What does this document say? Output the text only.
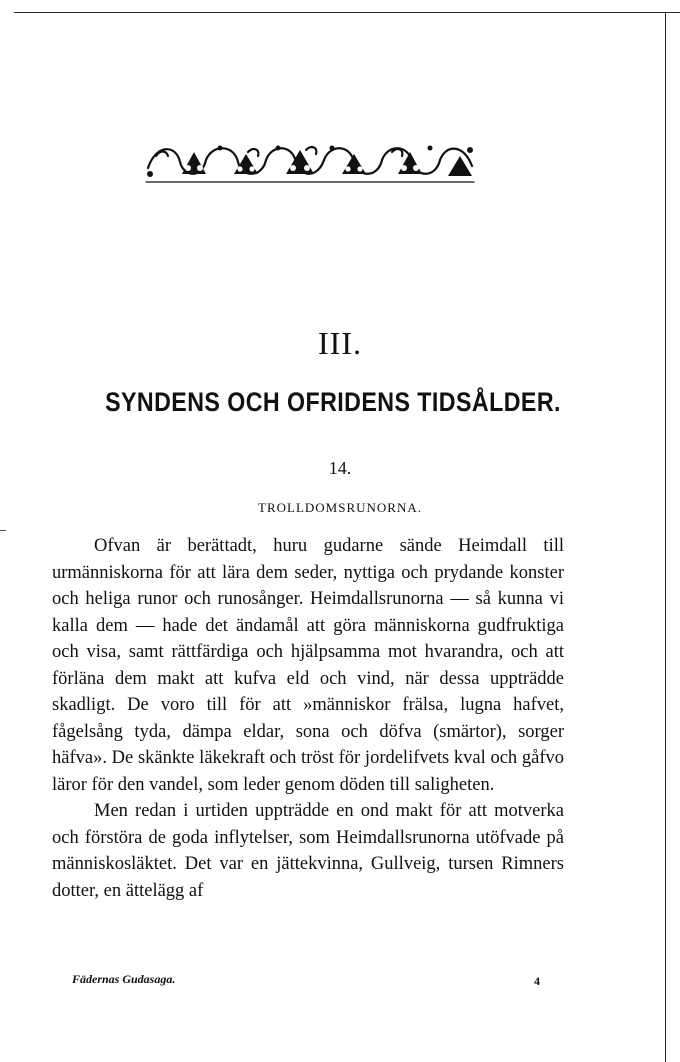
III.
SYNDENS OCH OFRIDENS TIDSÅLDER.
14.
TROLLDOMSRUNORNA.

Ofvan är berättadt, huru gudarne sände Heimdall till urmänniskorna för att lära dem seder, nyttiga och prydande konster och heliga runor och runosånger. Heimdallsrunorna — så kunna vi kalla dem — hade det ändamål att göra människorna gudfruktiga och visa, samt rättfärdiga och hjälpsamma mot hvarandra, och att förläna dem makt att kufva eld och vind, när dessa uppträdde skadligt. De voro till för att »människor frälsa, lugna hafvet, fågelsång tyda, dämpa eldar, sona och döfva (smärtor), sorger häfva». De skänkte läkekraft och tröst för jordelifvets kval och gåfvo läror för den vandel, som leder genom döden till saligheten.

Men redan i urtiden uppträdde en ond makt för att motverka och förstöra de goda inflytelser, som Heimdallsrunorna utöfvade på människosläktet. Det var en jättekvinna, Gullveig, tursen Rimners dotter, en ättelägg af

Fädernas Gudasaga.	4
